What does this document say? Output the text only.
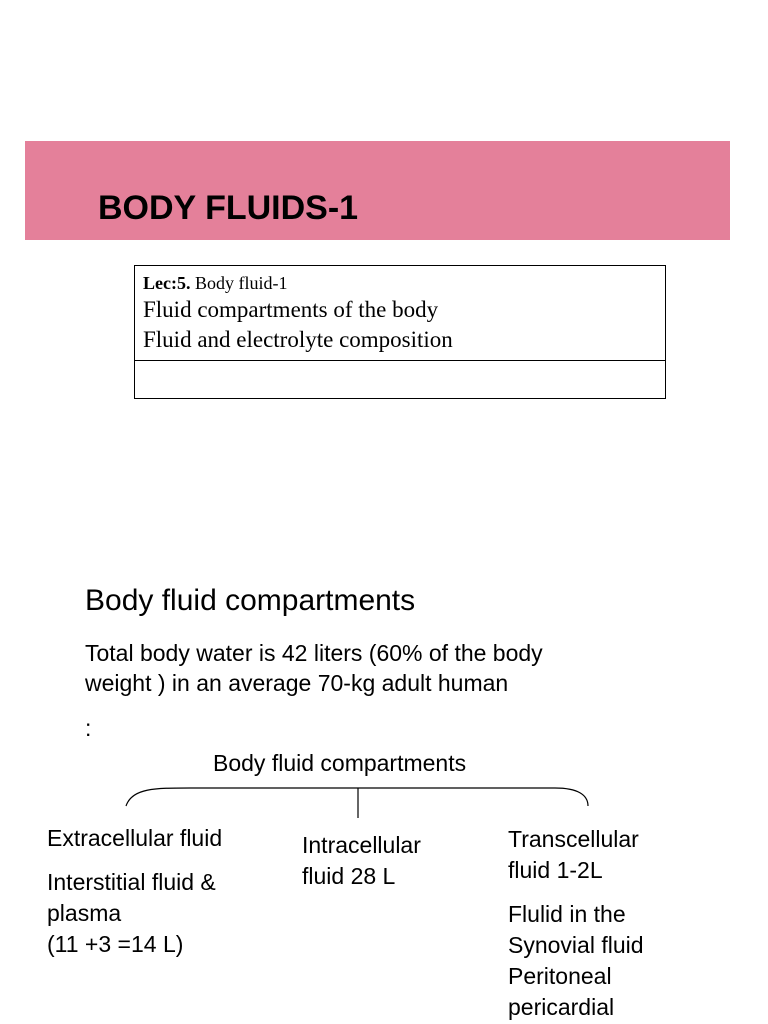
BODY FLUIDS-1
Lec:5. Body fluid-1
Fluid compartments of the body
Fluid and electrolyte composition
Body fluid compartments
Total body water is 42 liters (60% of the body
weight ) in an average 70-kg adult human
:
Body fluid compartments
Extracellular fluid
Interstitial fluid &
plasma
(11 +3 =14 L)
Intracellular
fluid 28 L
Transcellular
fluid 1-2L
Flulid in the
Synovial fluid
Peritoneal
pericardial
